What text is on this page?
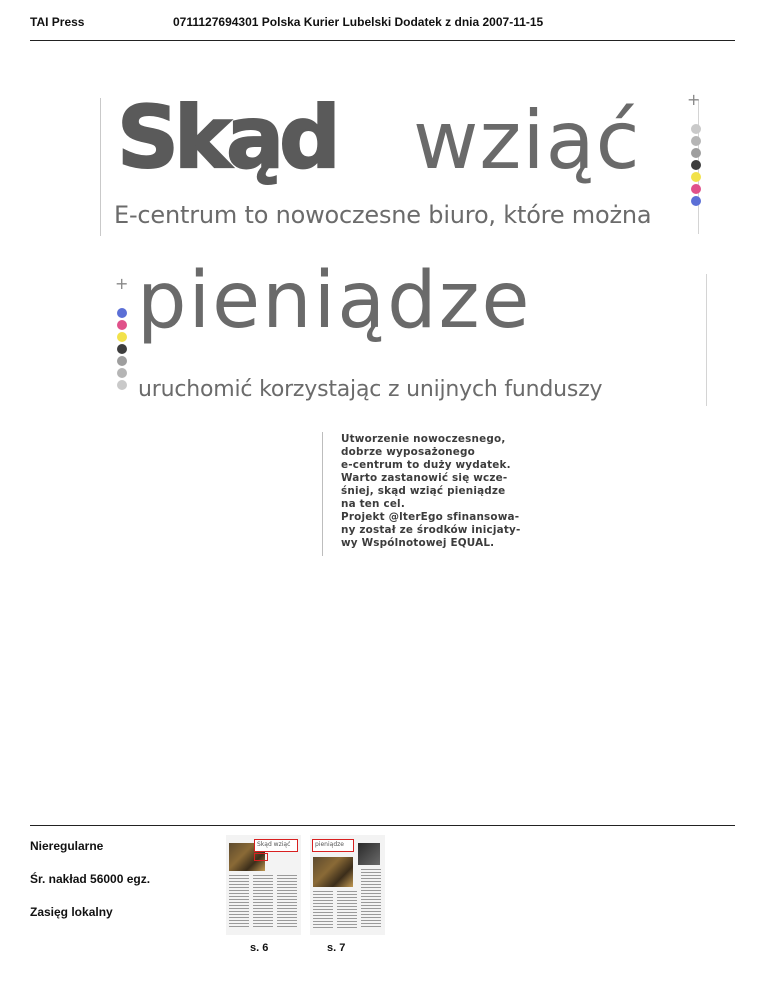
TAI Press	0711127694301 Polska Kurier Lubelski Dodatek z dnia 2007-11-15
Skąd wziąć
E-centrum to nowoczesne biuro, które można
+
+ pieniądze
uruchomić korzystając z unijnych funduszy
Utworzenie nowoczesnego,
dobrze wyposażonego
e-centrum to duży wydatek.
Warto zastanowić się wcze-
śniej, skąd wziąć pieniądze
na ten cel.
Projekt @lterEgo sfinansowa-
ny został ze środków inicjaty-
wy Wspólnotowej EQUAL.
Nieregularne
Śr. nakład 56000 egz.
Zasięg lokalny
Skąd wziąć
s. 6
pieniądze
s. 7
